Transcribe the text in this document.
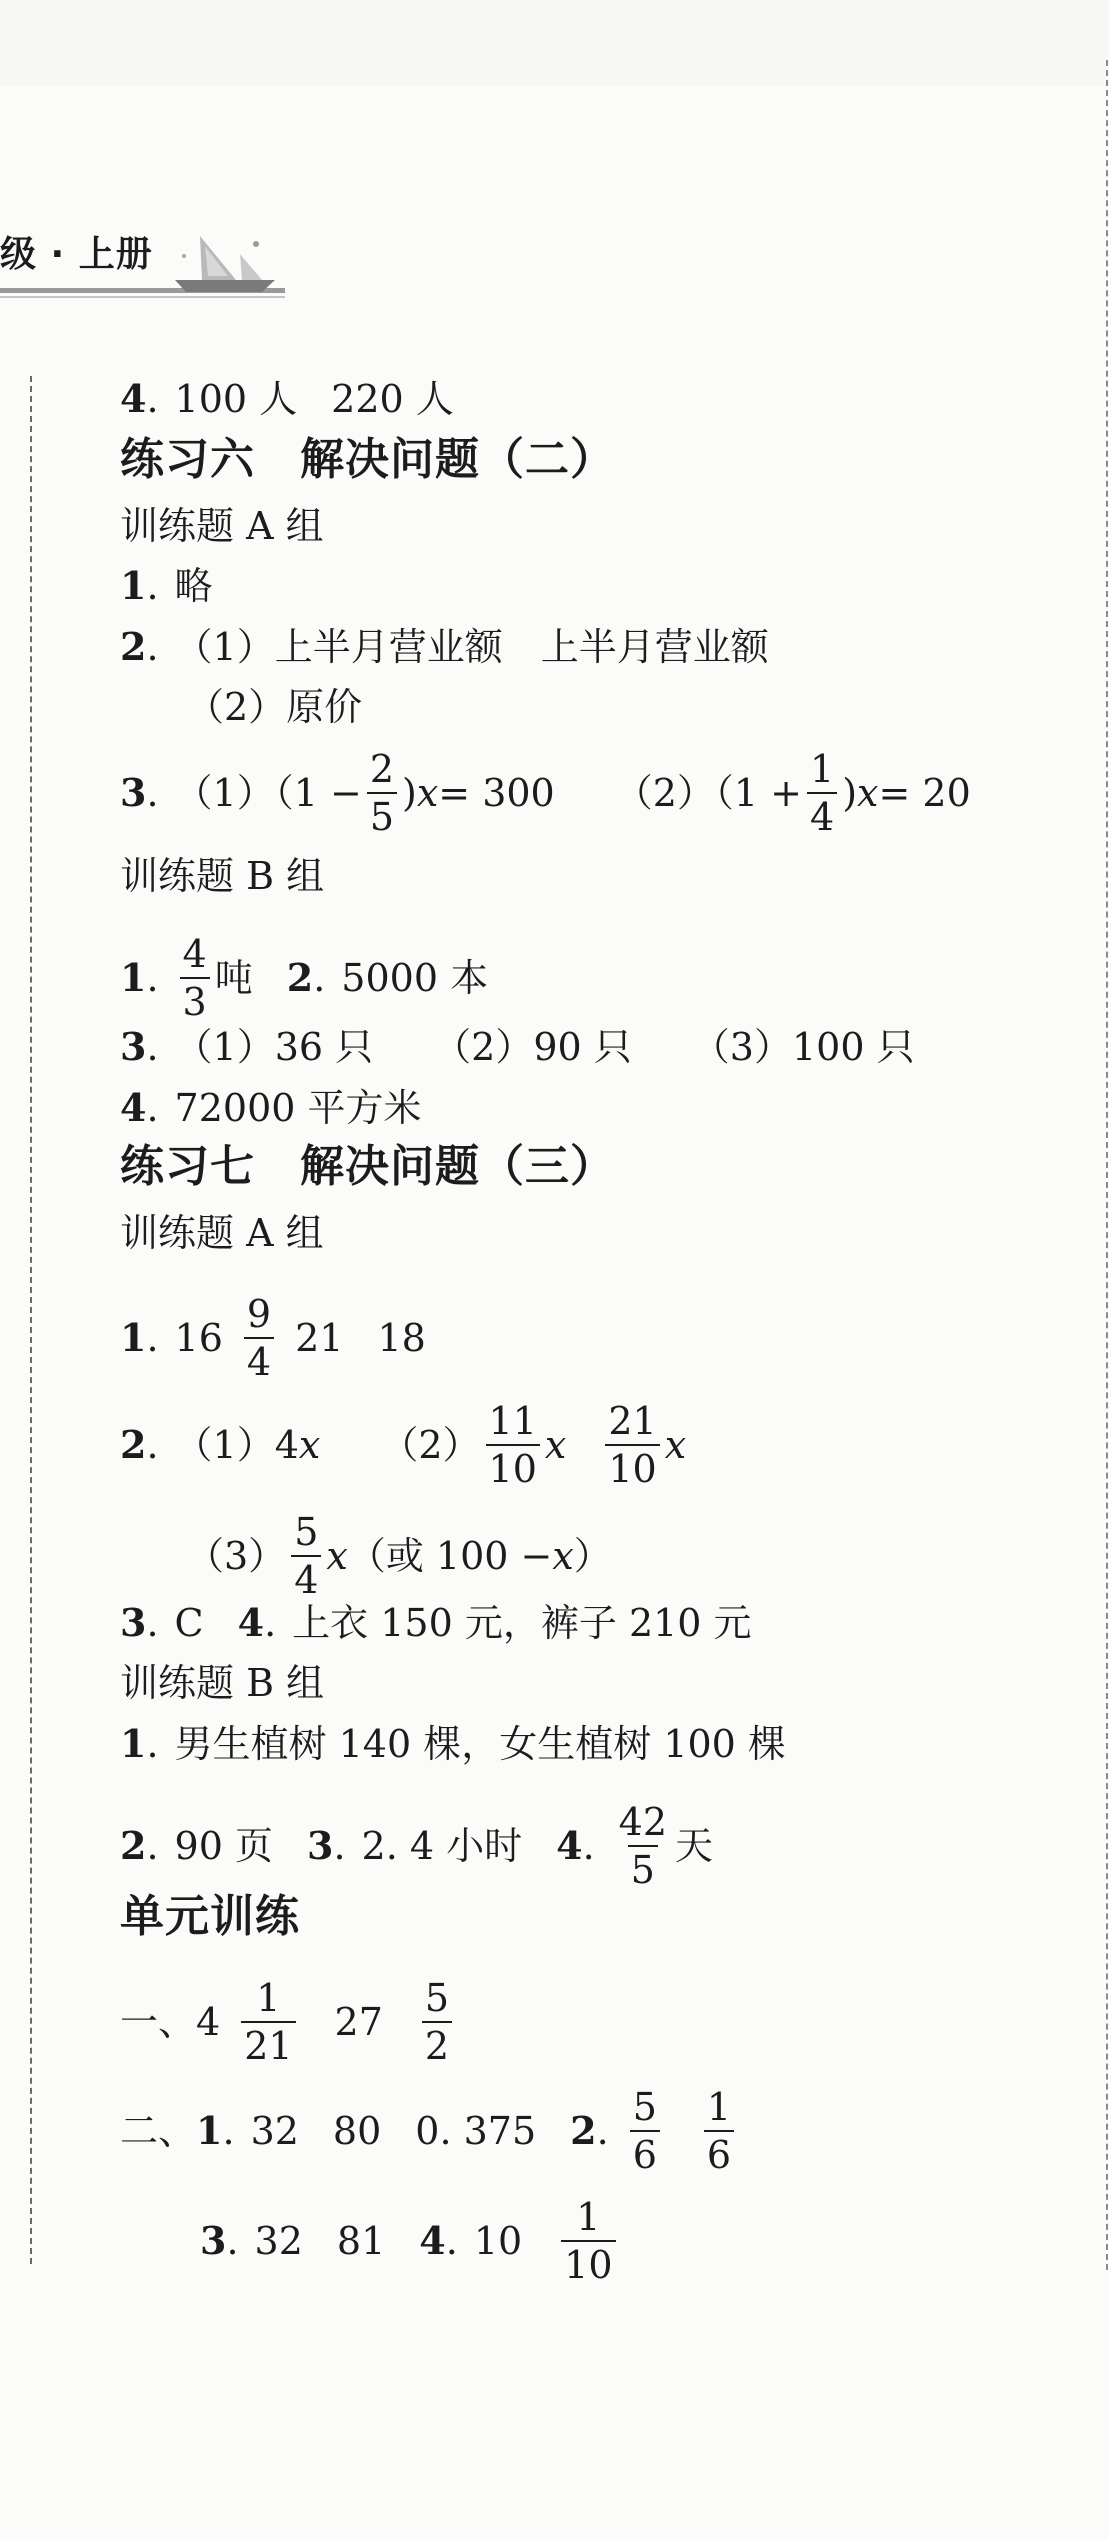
级 · 上册
4 . 100 人 220 人
练习六　解决问题（二）
训练题 A 组
1 . 略
2 . （1）上半月营业额　上半月营业额
（2）原价
3 . $(1)(1 - \frac{2}{5}$ ) x = 300 $(2)(1 + \frac{1}{4}$ ) x = 20
训练题 B 组
1 . $\frac{4}{3}$ 吨 2 . 5000 本
3 . （1）36 只 （2）90 只 （3）100 只
4 . 72000 平方米
练习七　解决问题（三）
训练题 A 组
1 . $16 \frac{9}{4} 21$ 18
2 . （1）4 x $(2) \frac{11}{10}$ x $\frac{21}{10}$ x
$(3) \frac{5}{4}$ x （或 100 − x ）
3 . C 4 . 上衣 150 元，裤子 210 元
训练题 B 组
1 . 男生植树 140 棵，女生植树 100 棵
2 . 90 页 3 . 2. 4 小时 4 . $\frac{42}{5}$ 天
单元训练
一、$4 \frac{1}{21} 27 \frac{5}{2}$
二、 1 . 32 80 0. 375 2 . $\frac{5}{6} \frac{1}{6}$
3 . 32 81 4 . $10 \frac{1}{10}$
